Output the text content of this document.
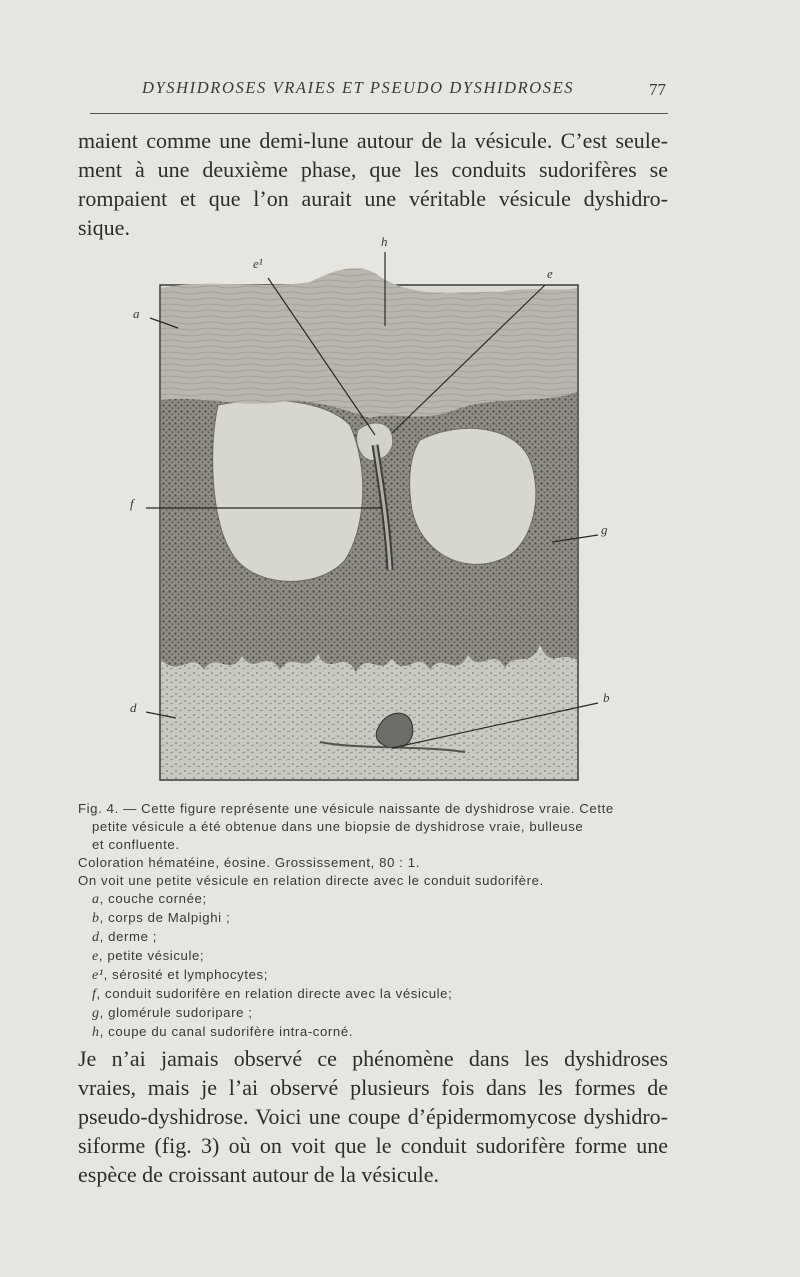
DYSHIDROSES VRAIES ET PSEUDO DYSHIDROSES	77
maient comme une demi-lune autour de la vésicule. C’est seule-
ment à une deuxième phase, que les conduits sudorifères se
rompaient et que l’on aurait une véritable vésicule dyshidro-
sique.
a
e¹
h
e
f
g
d
b
Fig. 4. — Cette figure représente une vésicule naissante de dyshidrose vraie. Cette
petite vésicule a été obtenue dans une biopsie de dyshidrose vraie, bulleuse
et confluente.
Coloration hématéine, éosine. Grossissement, 80 : 1.
On voit une petite vésicule en relation directe avec le conduit sudorifère.
a, couche cornée;
b, corps de Malpighi ;
d, derme ;
e, petite vésicule;
e¹, sérosité et lymphocytes;
f, conduit sudorifère en relation directe avec la vésicule;
g, glomérule sudoripare ;
h, coupe du canal sudorifère intra-corné.
Je n’ai jamais observé ce phénomène dans les dyshidroses
vraies, mais je l’ai observé plusieurs fois dans les formes de
pseudo-dyshidrose. Voici une coupe d’épidermomycose dyshidro-
siforme (fig. 3) où on voit que le conduit sudorifère forme une
espèce de croissant autour de la vésicule.
